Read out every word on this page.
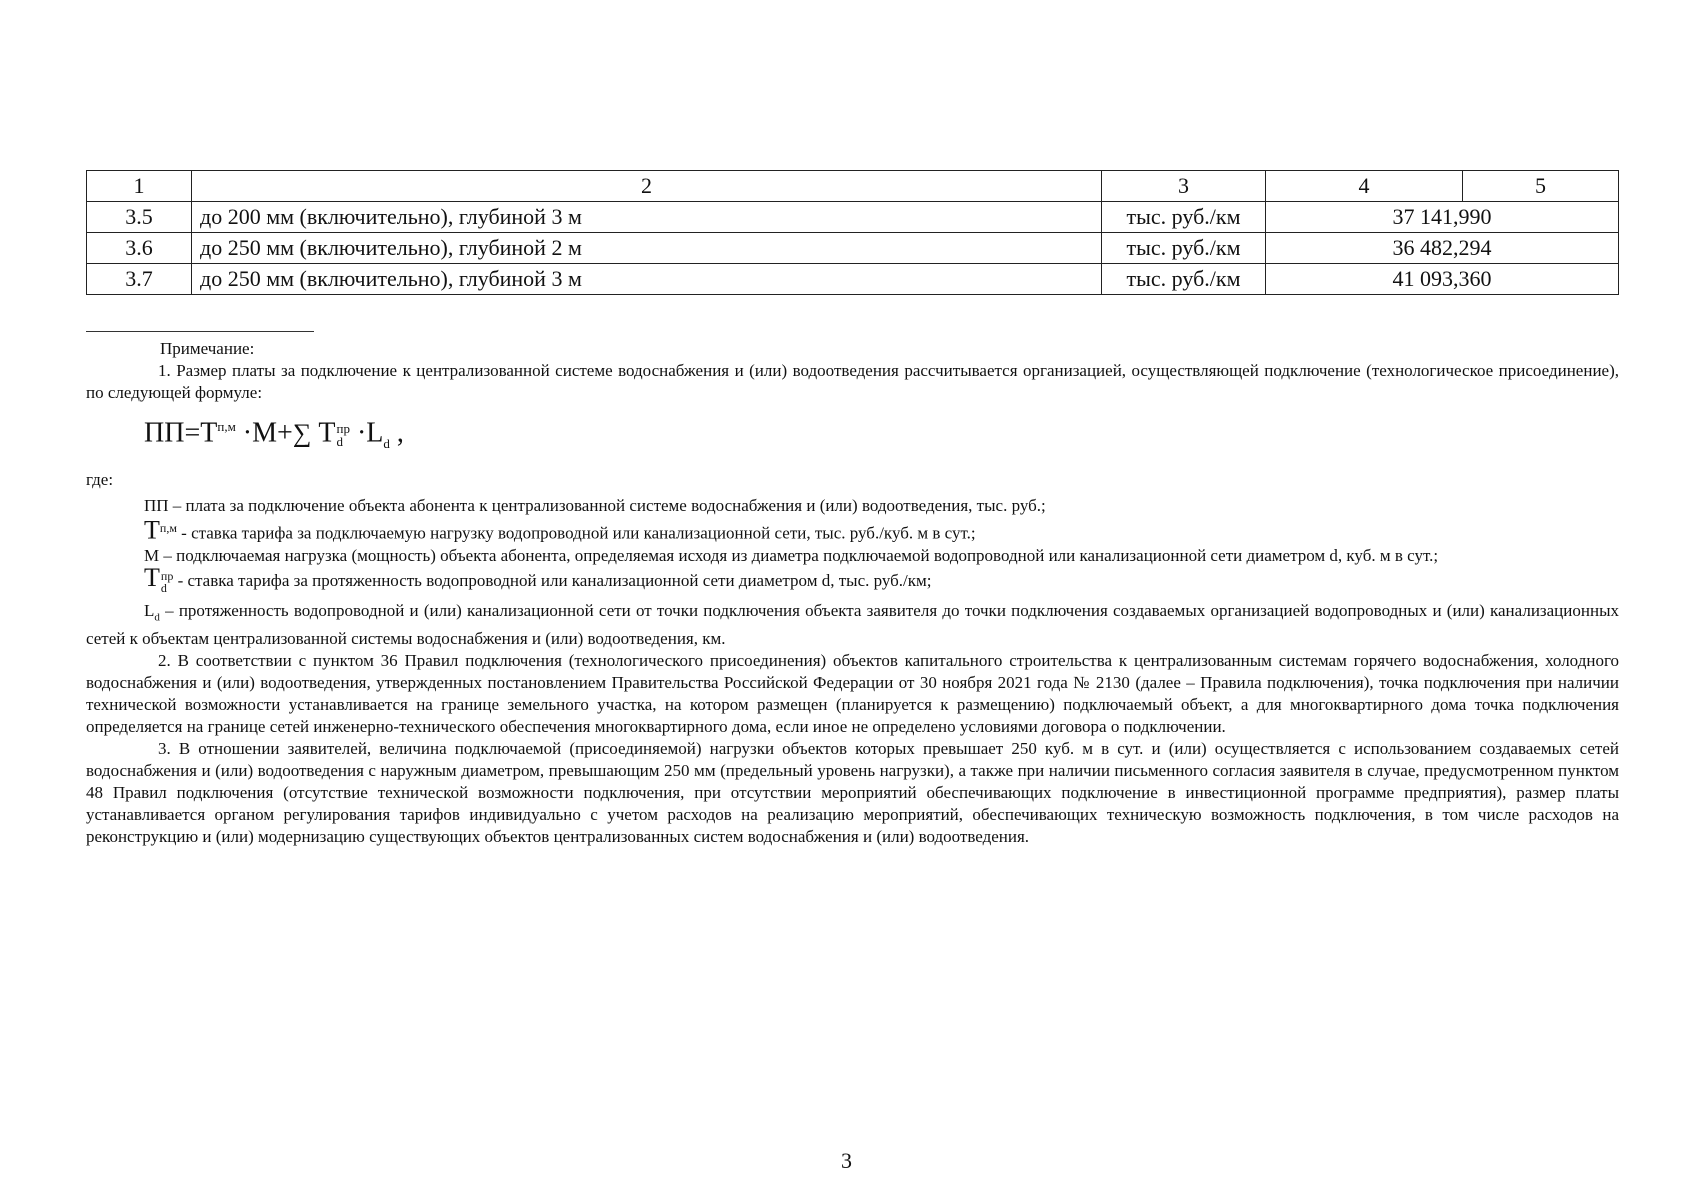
1	2	3	4	5
3.5	до 200 мм (включительно), глубиной 3 м	тыс. руб./км	37 141,990	
3.6	до 250 мм (включительно), глубиной 2 м	тыс. руб./км	36 482,294	
3.7	до 250 мм (включительно), глубиной 3 м	тыс. руб./км	41 093,360	

Примечание:

1. Размер платы за подключение к централизованной системе водоснабжения и (или) водоотведения рассчитывается организацией, осуществляющей подключение (технологическое присоединение), по следующей формуле:

$ПП=Т^{п,м} \cdot М+\sum$ Т пр
$d \cdot L_d$ ,

где:

ПП – плата за подключение объекта абонента к централизованной системе водоснабжения и (или) водоотведения, тыс. руб.;

$Т^{п,м}$ - ставка тарифа за подключаемую нагрузку водопроводной или канализационной сети, тыс. руб./куб. м в сут.;

М – подключаемая нагрузка (мощность) объекта абонента, определяемая исходя из диаметра подключаемой водопроводной или канализационной сети диаметром d, куб. м в сут.;

Т пр
d - ставка тарифа за протяженность водопроводной или канализационной сети диаметром d, тыс. руб./км;

$L_d$ – протяженность водопроводной и (или) канализационной сети от точки подключения объекта заявителя до точки подключения создаваемых организацией водопроводных и (или) канализационных сетей к объектам централизованной системы водоснабжения и (или) водоотведения, км.

2. В соответствии с пунктом 36 Правил подключения (технологического присоединения) объектов капитального строительства к централизованным системам горячего водоснабжения, холодного водоснабжения и (или) водоотведения, утвержденных постановлением Правительства Российской Федерации от 30 ноября 2021 года № 2130 (далее – Правила подключения), точка подключения при наличии технической возможности устанавливается на границе земельного участка, на котором размещен (планируется к размещению) подключаемый объект, а для многоквартирного дома точка подключения определяется на границе сетей инженерно-технического обеспечения многоквартирного дома, если иное не определено условиями договора о подключении.

3. В отношении заявителей, величина подключаемой (присоединяемой) нагрузки объектов которых превышает 250 куб. м в сут. и (или) осуществляется с использованием создаваемых сетей водоснабжения и (или) водоотведения с наружным диаметром, превышающим 250 мм (предельный уровень нагрузки), а также при наличии письменного согласия заявителя в случае, предусмотренном пунктом 48 Правил подключения (отсутствие технической возможности подключения, при отсутствии мероприятий обеспечивающих подключение в инвестиционной программе предприятия), размер платы устанавливается органом регулирования тарифов индивидуально с учетом расходов на реализацию мероприятий, обеспечивающих техническую возможность подключения, в том числе расходов на реконструкцию и (или) модернизацию существующих объектов централизованных систем водоснабжения и (или) водоотведения.

3
